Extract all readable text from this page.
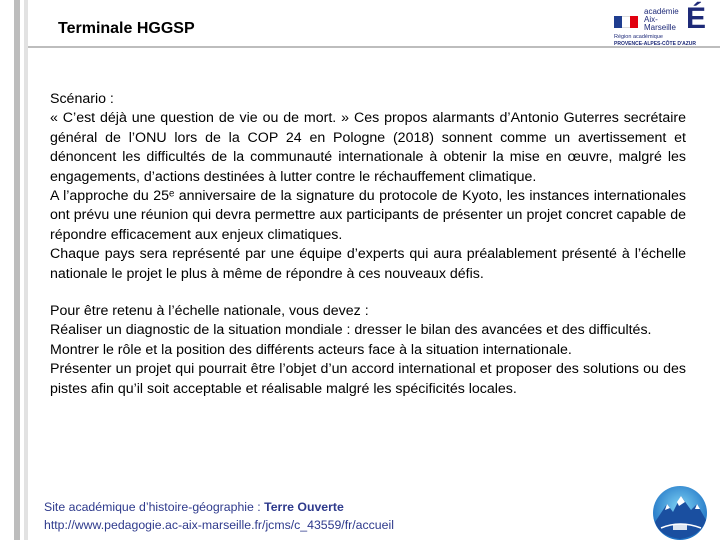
Terminale HGGSP
académie
Aix-Marseille É
Région académique
PROVENCE-ALPES-CÔTE D'AZUR

Scénario :

« C’est déjà une question de vie ou de mort. » Ces propos alarmants d’Antonio Guterres secrétaire général de l’ONU lors de la COP 24 en Pologne (2018) sonnent comme un avertissement et dénoncent les difficultés de la communauté internationale à obtenir la mise en œuvre, malgré les engagements, d’actions destinées à lutter contre le réchauffement climatique.

A l’approche du 25ᵉ anniversaire de la signature du protocole de Kyoto, les instances internationales ont prévu une réunion qui devra permettre aux participants de présenter un projet concret capable de répondre efficacement aux enjeux climatiques.

Chaque pays sera représenté par une équipe d’experts qui aura préalablement présenté à l’échelle nationale le projet le plus à même de répondre à ces nouveaux défis.

Pour être retenu à l’échelle nationale, vous devez :

Réaliser un diagnostic de la situation mondiale : dresser le bilan des avancées et des difficultés.

Montrer le rôle et la position des différents acteurs face à la situation internationale.

Présenter un projet qui pourrait être l’objet d’un accord international et proposer des solutions ou des pistes afin qu’il soit acceptable et réalisable malgré les spécificités locales.

Site académique d’histoire-géographie : Terre Ouverte
http://www.pedagogie.ac-aix-marseille.fr/jcms/c_43559/fr/accueil
